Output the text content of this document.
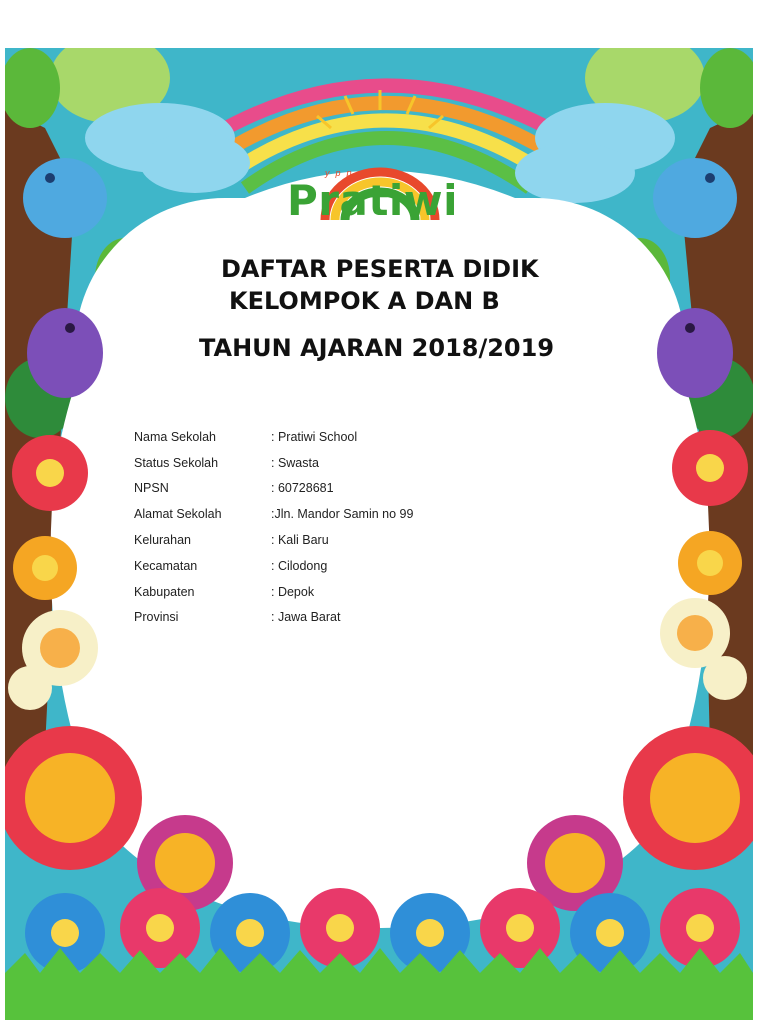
ypp
Pratiwi
DAFTAR PESERTA DIDIK
KELOMPOK A DAN B
TAHUN AJARAN 2018/2019
Nama Sekolah	: Pratiwi School
Status Sekolah	: Swasta
NPSN	: 60728681
Alamat Sekolah	:Jln. Mandor Samin no 99
Kelurahan	: Kali Baru
Kecamatan	: Cilodong
Kabupaten	: Depok
Provinsi	: Jawa Barat
